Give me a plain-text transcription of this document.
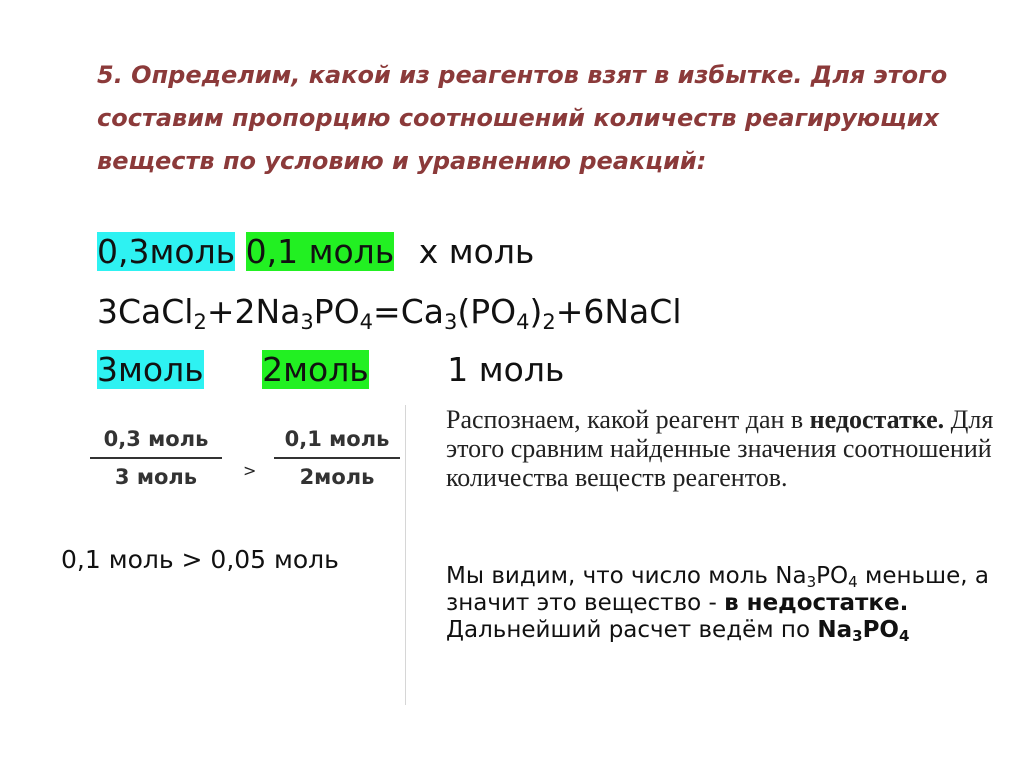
5. Определим, какой из реагентов взят в избытке. Для этого составим пропорцию соотношений количеств реагирующих веществ по условию и уравнению реакций:

0,3моль 0,1 моль х моль
$3CaCl_2+2Na_3PO_4=Ca_3(PO_4)_2+6NaCl$
3моль 2моль 1 моль
0,3 моль
3 моль	>
0,1 моль
2моль
0,1 моль > 0,05 моль

Распознаем, какой реагент дан в недостатке. Для этого сравним найденные значения соотношений количества веществ реагентов.

Мы видим, что число моль $Na_3PO_4$ меньше, а значит это вещество - в недостатке.
Дальнейший расчет ведём по $Na_3PO_4$
